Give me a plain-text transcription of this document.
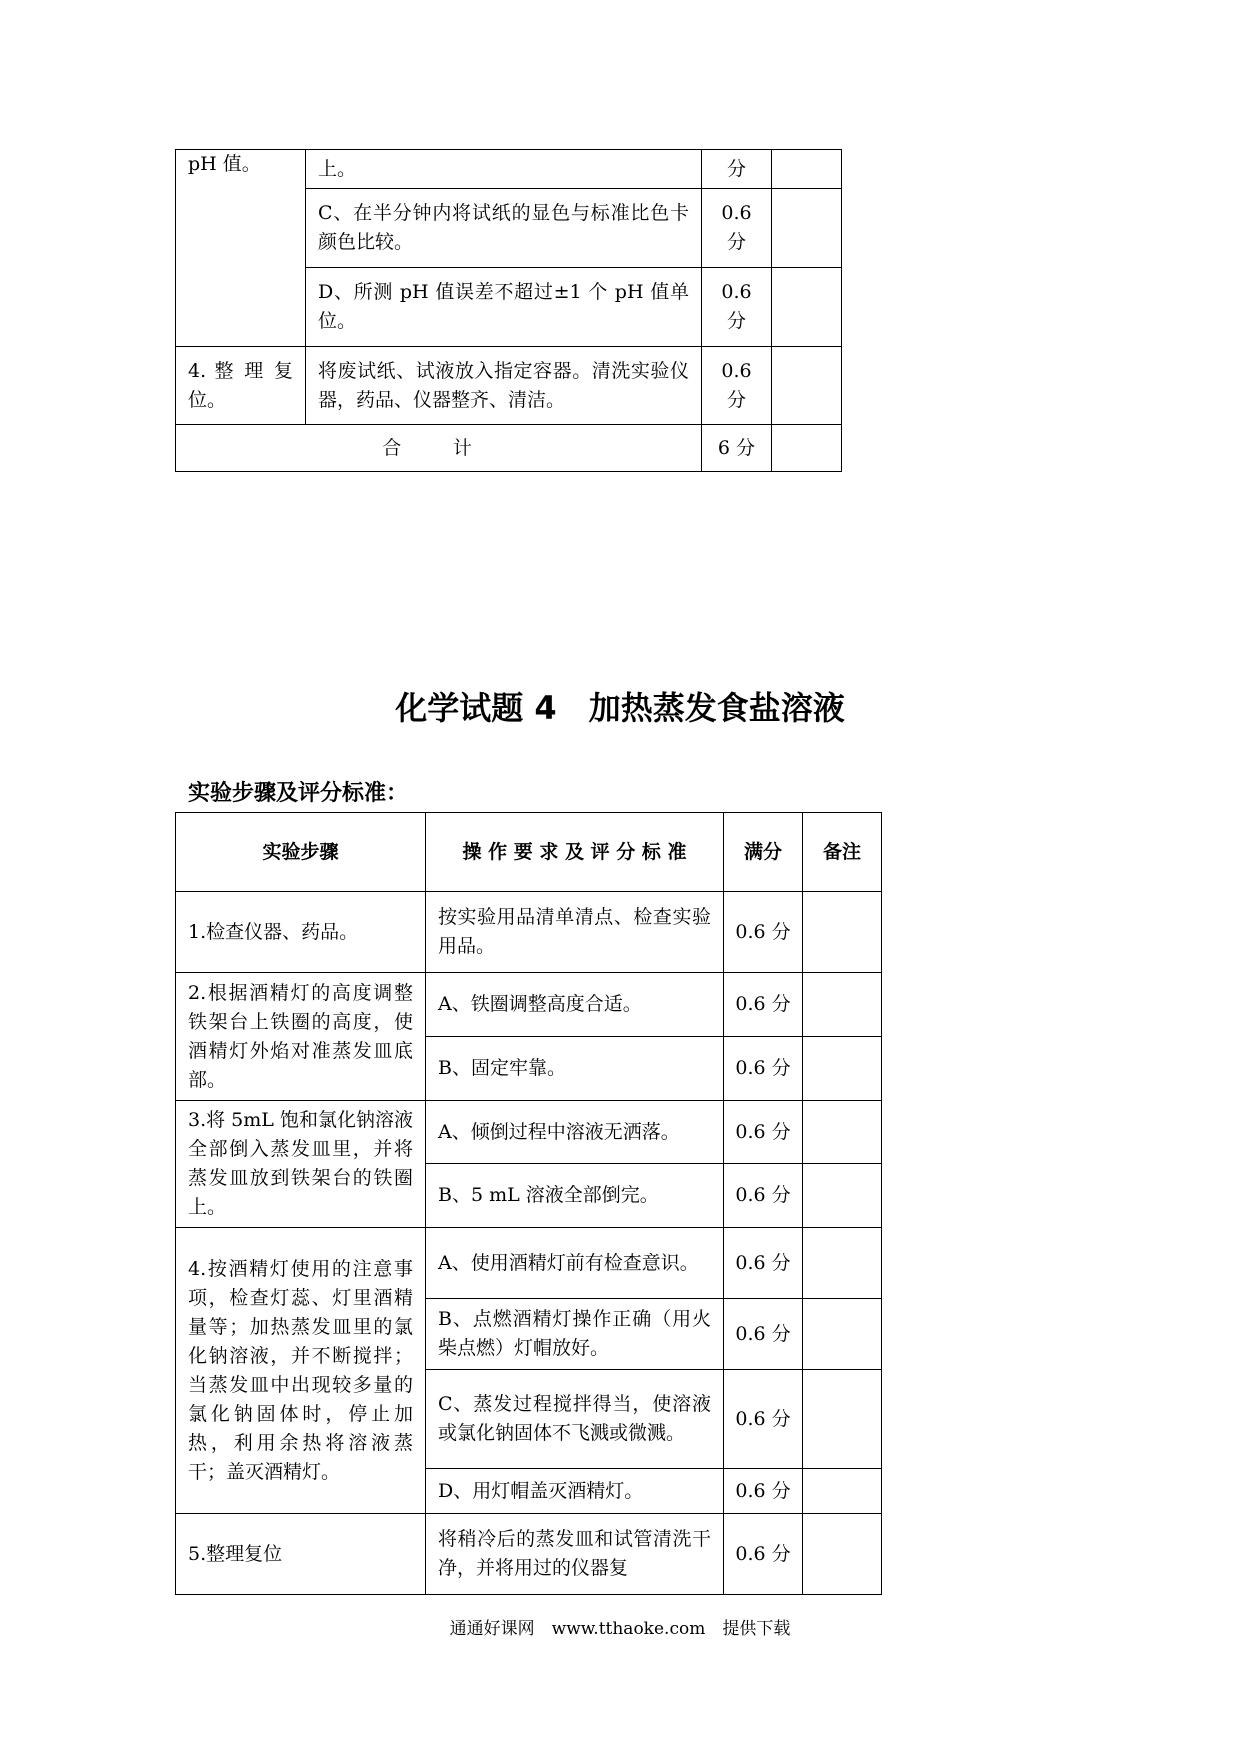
pH 值。	上。	分	
	C、在半分钟内将试纸的显色与标准比色卡颜色比较。	0.6
分	
	D、所测 pH 值误差不超过±1 个 pH 值单位。	0.6
分	
4. 整 理 复位。	将废试纸、试液放入指定容器。清洗实验仪器，药品、仪器整齐、清洁。	0.6
分	
合 计		6 分	
化学试题 4　加热蒸发食盐溶液
实验步骤及评分标准：
实验步骤	操 作 要 求 及 评 分 标 准	满分	备注
1.检查仪器、药品。	按实验用品清单清点、检查实验用品。	0.6 分	
2.根据酒精灯的高度调整铁架台上铁圈的高度，使酒精灯外焰对准蒸发皿底部。	A、铁圈调整高度合适。	0.6 分	
	B、固定牢靠。	0.6 分	
3.将 5mL 饱和氯化钠溶液全部倒入蒸发皿里，并将蒸发皿放到铁架台的铁圈上。	A、倾倒过程中溶液无洒落。	0.6 分	
	B、5 mL 溶液全部倒完。	0.6 分	
4.按酒精灯使用的注意事项，检查灯蕊、灯里酒精量等；加热蒸发皿里的氯化钠溶液，并不断搅拌；当蒸发皿中出现较多量的氯化钠固体时，停止加热，利用余热将溶液蒸干；盖灭酒精灯。	A、使用酒精灯前有检查意识。	0.6 分	
	B、点燃酒精灯操作正确（用火柴点燃）灯帽放好。	0.6 分	
	C、蒸发过程搅拌得当，使溶液或氯化钠固体不飞溅或微溅。	0.6 分	
	D、用灯帽盖灭酒精灯。	0.6 分	
5.整理复位	将稍冷后的蒸发皿和试管清洗干净，并将用过的仪器复	0.6 分	
通通好课网　www.tthaoke.com　提供下载
